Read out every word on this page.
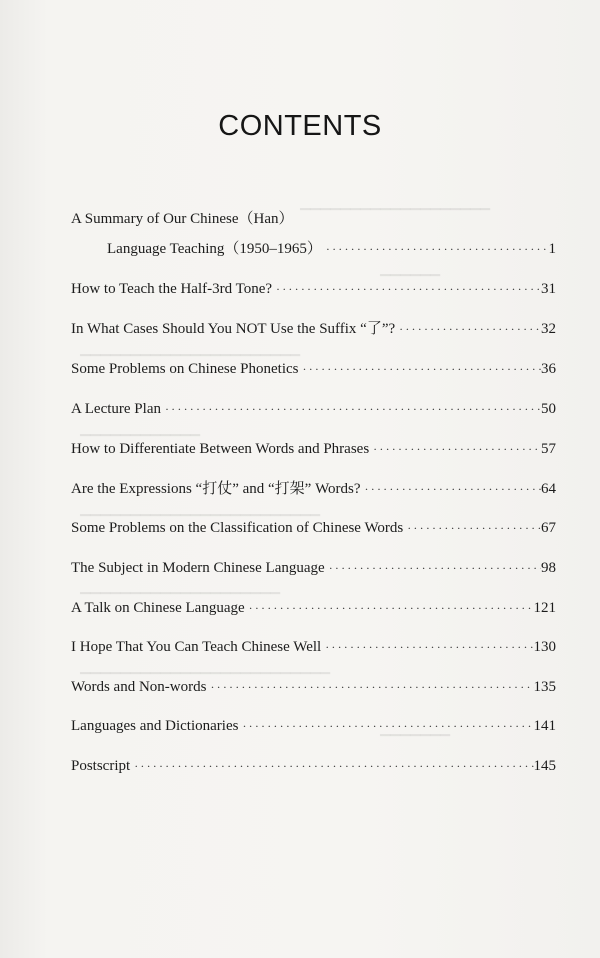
▁▁▁▁▁▁▁▁▁▁▁▁▁▁▁▁▁▁▁
▁▁▁▁▁▁
▁▁▁▁▁▁▁▁▁▁▁▁▁▁▁▁▁▁▁▁▁▁
▁▁▁▁▁▁▁▁▁▁▁▁
▁▁▁▁▁▁▁▁▁▁▁▁▁▁▁▁▁▁▁▁▁▁▁▁
▁▁▁▁▁▁▁▁▁▁▁▁▁▁▁▁▁▁▁▁
▁▁▁▁▁▁▁▁▁▁▁▁▁▁▁▁▁▁▁▁▁▁▁▁▁
▁▁▁▁▁▁▁
CONTENTS
A Summary of Our Chinese（Han）
Language Teaching（1950–1965） ·····	1
How to Teach the Half-3rd Tone? ·····	31
In What Cases Should You NOT Use the Suffix “了”? ·····	32
Some Problems on Chinese Phonetics ·····	36
A Lecture Plan ·····	50
How to Differentiate Between Words and Phrases ·····	57
Are the Expressions “打仗” and “打架” Words? ·····	64
Some Problems on the Classification of Chinese Words ·····	67
The Subject in Modern Chinese Language ·····	98
A Talk on Chinese Language ·····	121
I Hope That You Can Teach Chinese Well ·····	130
Words and Non-words ·····	135
Languages and Dictionaries ·····	141
Postscript ·····	145
